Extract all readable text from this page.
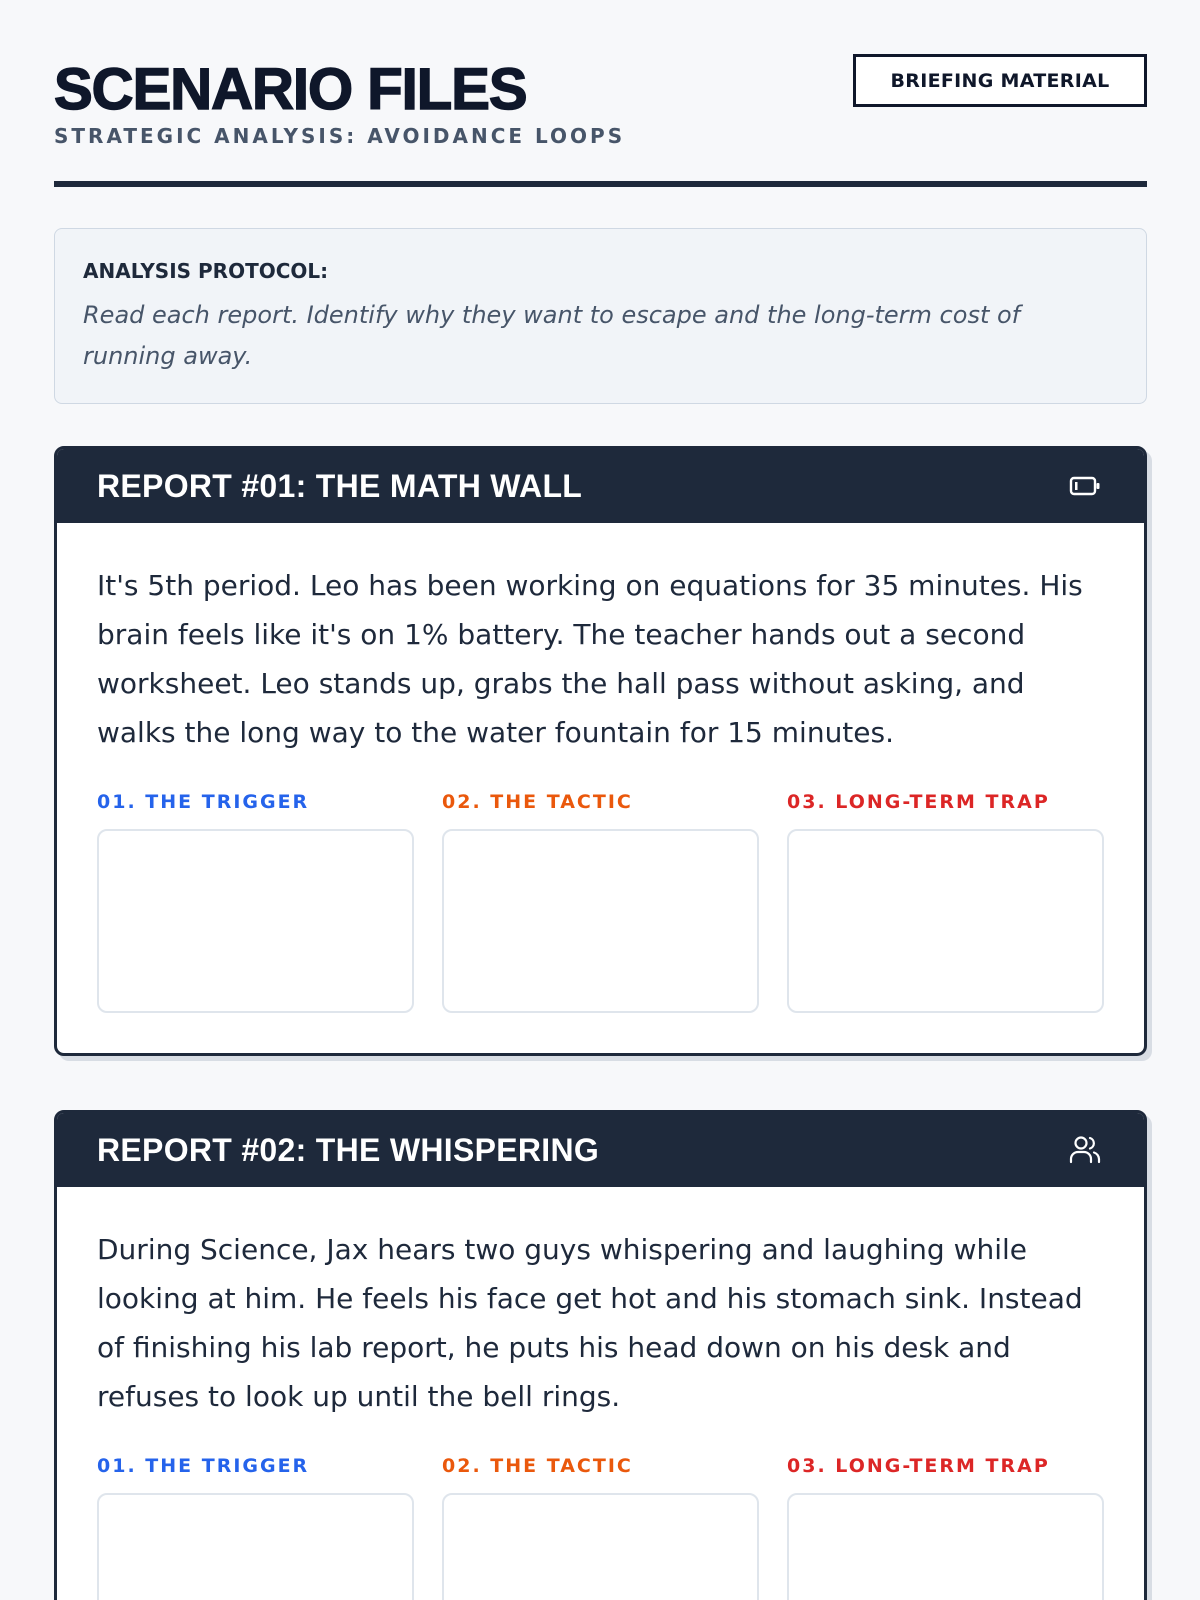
SCENARIO FILES
STRATEGIC ANALYSIS: AVOIDANCE LOOPS
BRIEFING MATERIAL
ANALYSIS PROTOCOL:
Read each report. Identify why they want to escape and the long-term cost of running away.
REPORT #01: THE MATH WALL
It's 5th period. Leo has been working on equations for 35 minutes. His brain feels like it's on 1% battery. The teacher hands out a second worksheet. Leo stands up, grabs the hall pass without asking, and walks the long way to the water fountain for 15 minutes.
01. THE TRIGGER	02. THE TACTIC	03. LONG-TERM TRAP
REPORT #02: THE WHISPERING
During Science, Jax hears two guys whispering and laughing while looking at him. He feels his face get hot and his stomach sink. Instead of finishing his lab report, he puts his head down on his desk and refuses to look up until the bell rings.
01. THE TRIGGER	02. THE TACTIC	03. LONG-TERM TRAP
